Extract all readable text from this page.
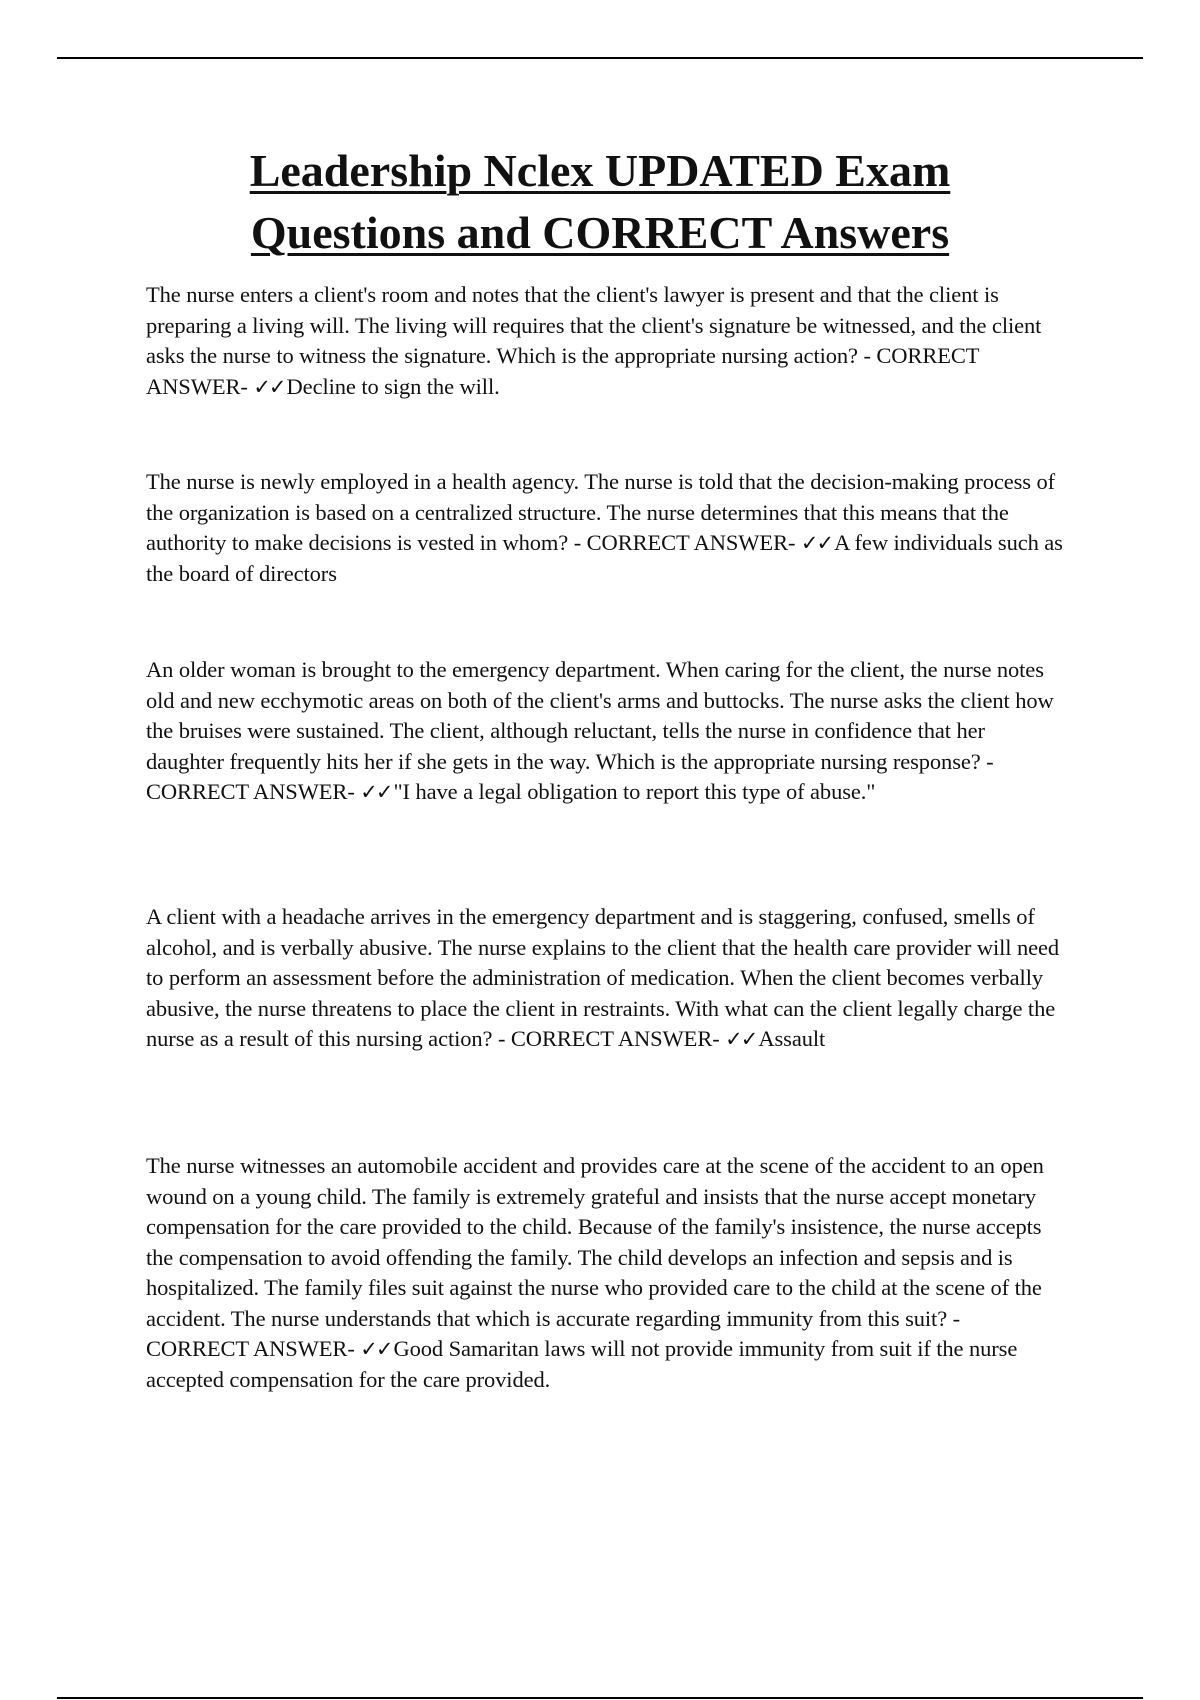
Leadership Nclex UPDATED Exam Questions and CORRECT Answers

The nurse enters a client's room and notes that the client's lawyer is present and that the client is preparing a living will. The living will requires that the client's signature be witnessed, and the client asks the nurse to witness the signature. Which is the appropriate nursing action? - CORRECT ANSWER- ✓✓Decline to sign the will.

The nurse is newly employed in a health agency. The nurse is told that the decision-making process of the organization is based on a centralized structure. The nurse determines that this means that the authority to make decisions is vested in whom? - CORRECT ANSWER- ✓✓A few individuals such as the board of directors

An older woman is brought to the emergency department. When caring for the client, the nurse notes old and new ecchymotic areas on both of the client's arms and buttocks. The nurse asks the client how the bruises were sustained. The client, although reluctant, tells the nurse in confidence that her daughter frequently hits her if she gets in the way. Which is the appropriate nursing response? - CORRECT ANSWER- ✓✓"I have a legal obligation to report this type of abuse."

A client with a headache arrives in the emergency department and is staggering, confused, smells of alcohol, and is verbally abusive. The nurse explains to the client that the health care provider will need to perform an assessment before the administration of medication. When the client becomes verbally abusive, the nurse threatens to place the client in restraints. With what can the client legally charge the nurse as a result of this nursing action? - CORRECT ANSWER- ✓✓Assault

The nurse witnesses an automobile accident and provides care at the scene of the accident to an open wound on a young child. The family is extremely grateful and insists that the nurse accept monetary compensation for the care provided to the child. Because of the family's insistence, the nurse accepts the compensation to avoid offending the family. The child develops an infection and sepsis and is hospitalized. The family files suit against the nurse who provided care to the child at the scene of the accident. The nurse understands that which is accurate regarding immunity from this suit? - CORRECT ANSWER- ✓✓Good Samaritan laws will not provide immunity from suit if the nurse accepted compensation for the care provided.
